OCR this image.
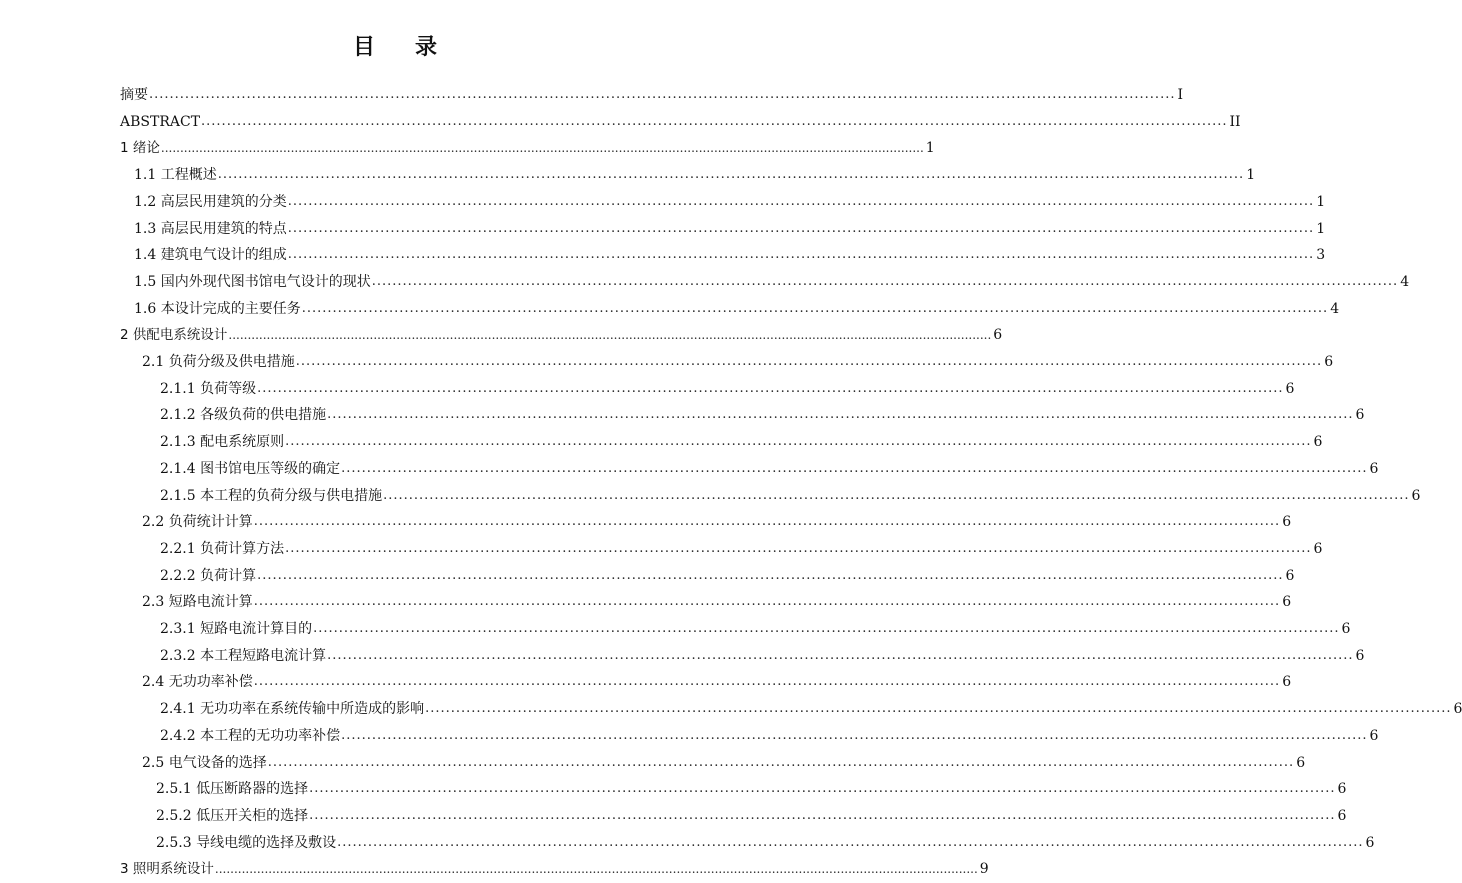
目 录
摘要 ........................................................................................................................................................................................................ I
ABSTRACT ........................................................................................................................................................................................................ II
1 绪论 ........................................................................................................................................................................................................ 1
1.1 工程概述 ........................................................................................................................................................................................................ 1
1.2 高层民用建筑的分类 ........................................................................................................................................................................................................ 1
1.3 高层民用建筑的特点 ........................................................................................................................................................................................................ 1
1.4 建筑电气设计的组成 ........................................................................................................................................................................................................ 3
1.5 国内外现代图书馆电气设计的现状 ........................................................................................................................................................................................................ 4
1.6 本设计完成的主要任务 ........................................................................................................................................................................................................ 4
2 供配电系统设计 ........................................................................................................................................................................................................ 6
2.1 负荷分级及供电措施 ........................................................................................................................................................................................................ 6
2.1.1 负荷等级 ........................................................................................................................................................................................................ 6
2.1.2 各级负荷的供电措施 ........................................................................................................................................................................................................ 6
2.1.3 配电系统原则 ........................................................................................................................................................................................................ 6
2.1.4 图书馆电压等级的确定 ........................................................................................................................................................................................................ 6
2.1.5 本工程的负荷分级与供电措施 ........................................................................................................................................................................................................ 6
2.2 负荷统计计算 ........................................................................................................................................................................................................ 6
2.2.1 负荷计算方法 ........................................................................................................................................................................................................ 6
2.2.2 负荷计算 ........................................................................................................................................................................................................ 6
2.3 短路电流计算 ........................................................................................................................................................................................................ 6
2.3.1 短路电流计算目的 ........................................................................................................................................................................................................ 6
2.3.2 本工程短路电流计算 ........................................................................................................................................................................................................ 6
2.4 无功功率补偿 ........................................................................................................................................................................................................ 6
2.4.1 无功功率在系统传输中所造成的影响 ........................................................................................................................................................................................................ 6
2.4.2 本工程的无功功率补偿 ........................................................................................................................................................................................................ 6
2.5 电气设备的选择 ........................................................................................................................................................................................................ 6
2.5.1 低压断路器的选择 ........................................................................................................................................................................................................ 6
2.5.2 低压开关柜的选择 ........................................................................................................................................................................................................ 6
2.5.3 导线电缆的选择及敷设 ........................................................................................................................................................................................................ 6
3 照明系统设计 ........................................................................................................................................................................................................ 9
